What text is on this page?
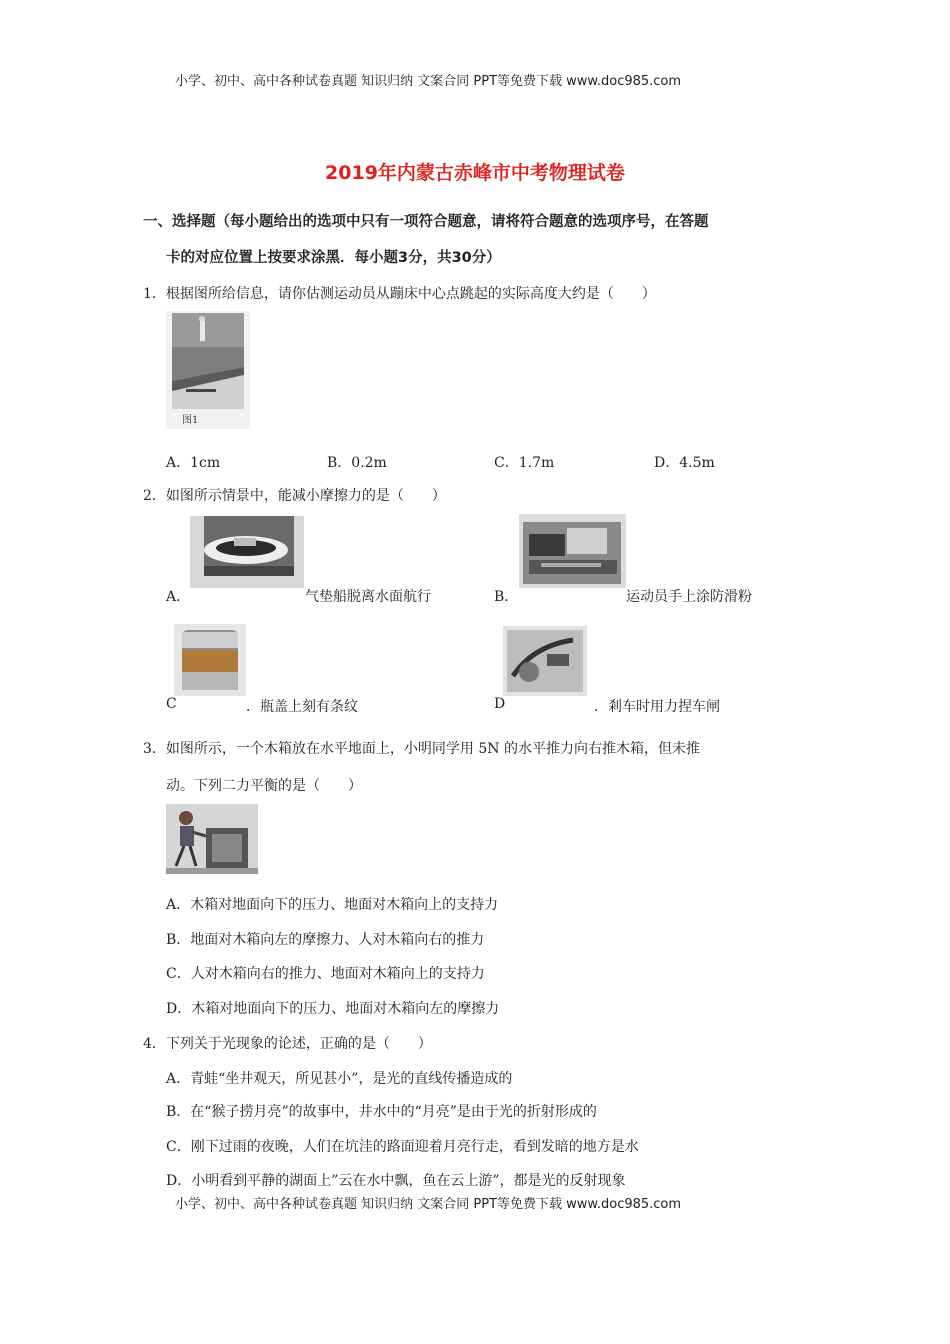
小学、初中、高中各种试卷真题 知识归纳 文案合同 PPT等免费下载 www.doc985.com
2019年内蒙古赤峰市中考物理试卷
一、选择题（每小题给出的选项中只有一项符合题意，请将符合题意的选项序号，在答题
卡的对应位置上按要求涂黑．每小题3分，共30分）
1．根据图所给信息，请你估测运动员从蹦床中心点跳起的实际高度大约是（　　）
图1
A．1cm	B．0.2m	C．1.7m	D．4.5m
2．如图所示情景中，能减小摩擦力的是（　　）
A．	气垫船脱离水面航行	B．	运动员手上涂防滑粉
C	．瓶盖上刻有条纹	D	．剎车时用力捏车闸
3．如图所示，一个木箱放在水平地面上，小明同学用 5N 的水平推力向右推木箱，但未推
动。下列二力平衡的是（　　）
A．木箱对地面向下的压力、地面对木箱向上的支持力
B．地面对木箱向左的摩擦力、人对木箱向右的推力
C．人对木箱向右的推力、地面对木箱向上的支持力
D．木箱对地面向下的压力、地面对木箱向左的摩擦力
4．下列关于光现象的论述，正确的是（　　）
A．青蛙“坐井观天，所见甚小”，是光的直线传播造成的
B．在“猴子捞月亮”的故事中，井水中的“月亮”是由于光的折射形成的
C．刚下过雨的夜晚，人们在坑洼的路面迎着月亮行走，看到发暗的地方是水
D．小明看到平静的湖面上”云在水中飘，鱼在云上游”，都是光的反射现象
小学、初中、高中各种试卷真题 知识归纳 文案合同 PPT等免费下载 www.doc985.com
